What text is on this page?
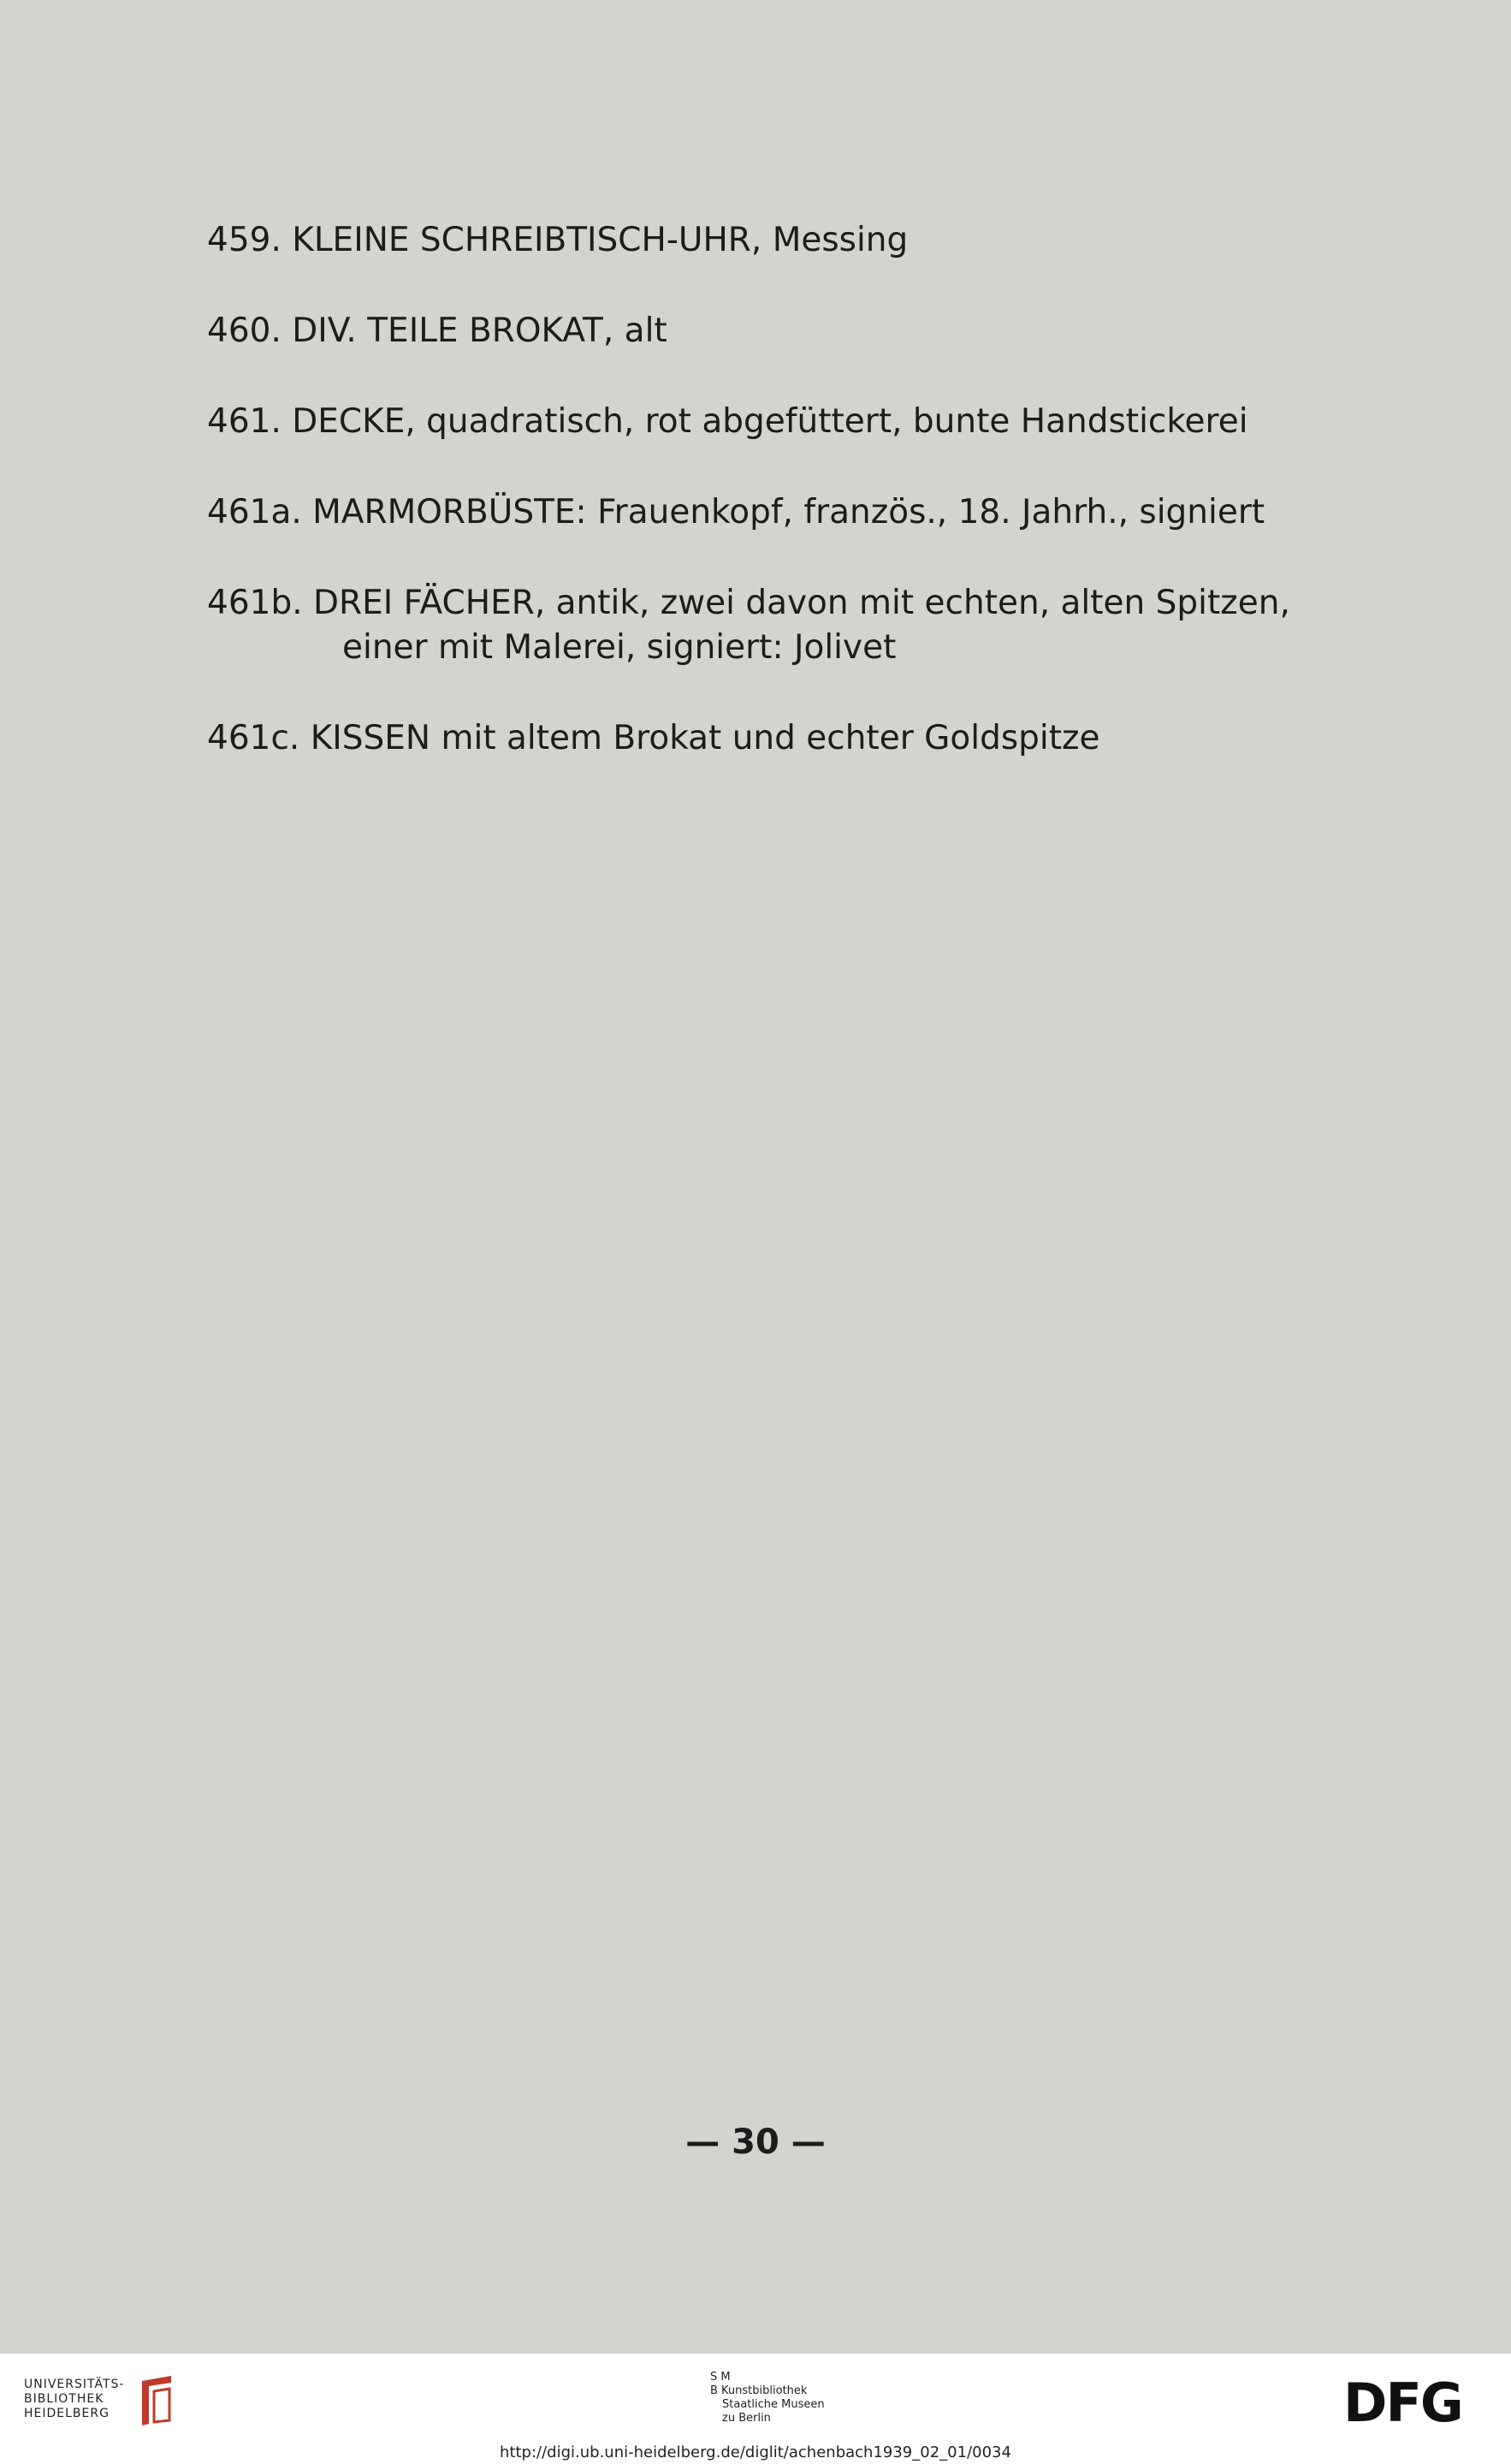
459. KLEINE SCHREIBTISCH-UHR, Messing
460. DIV. TEILE BROKAT, alt
461. DECKE, quadratisch, rot abgefüttert, bunte Handstickerei
461a. MARMORBÜSTE: Frauenkopf, französ., 18. Jahrh., signiert
461b. DREI FÄCHER, antik, zwei davon mit echten, alten Spitzen,
einer mit Malerei, signiert: Jolivet
461c. KISSEN mit altem Brokat und echter Goldspitze
— 30 —
UNIVERSITÄTS-
BIBLIOTHEK
HEIDELBERG
S M
B Kunstbibliothek
Staatliche Museen
zu Berlin	DFG
http://digi.ub.uni-heidelberg.de/diglit/achenbach1939_02_01/0034
